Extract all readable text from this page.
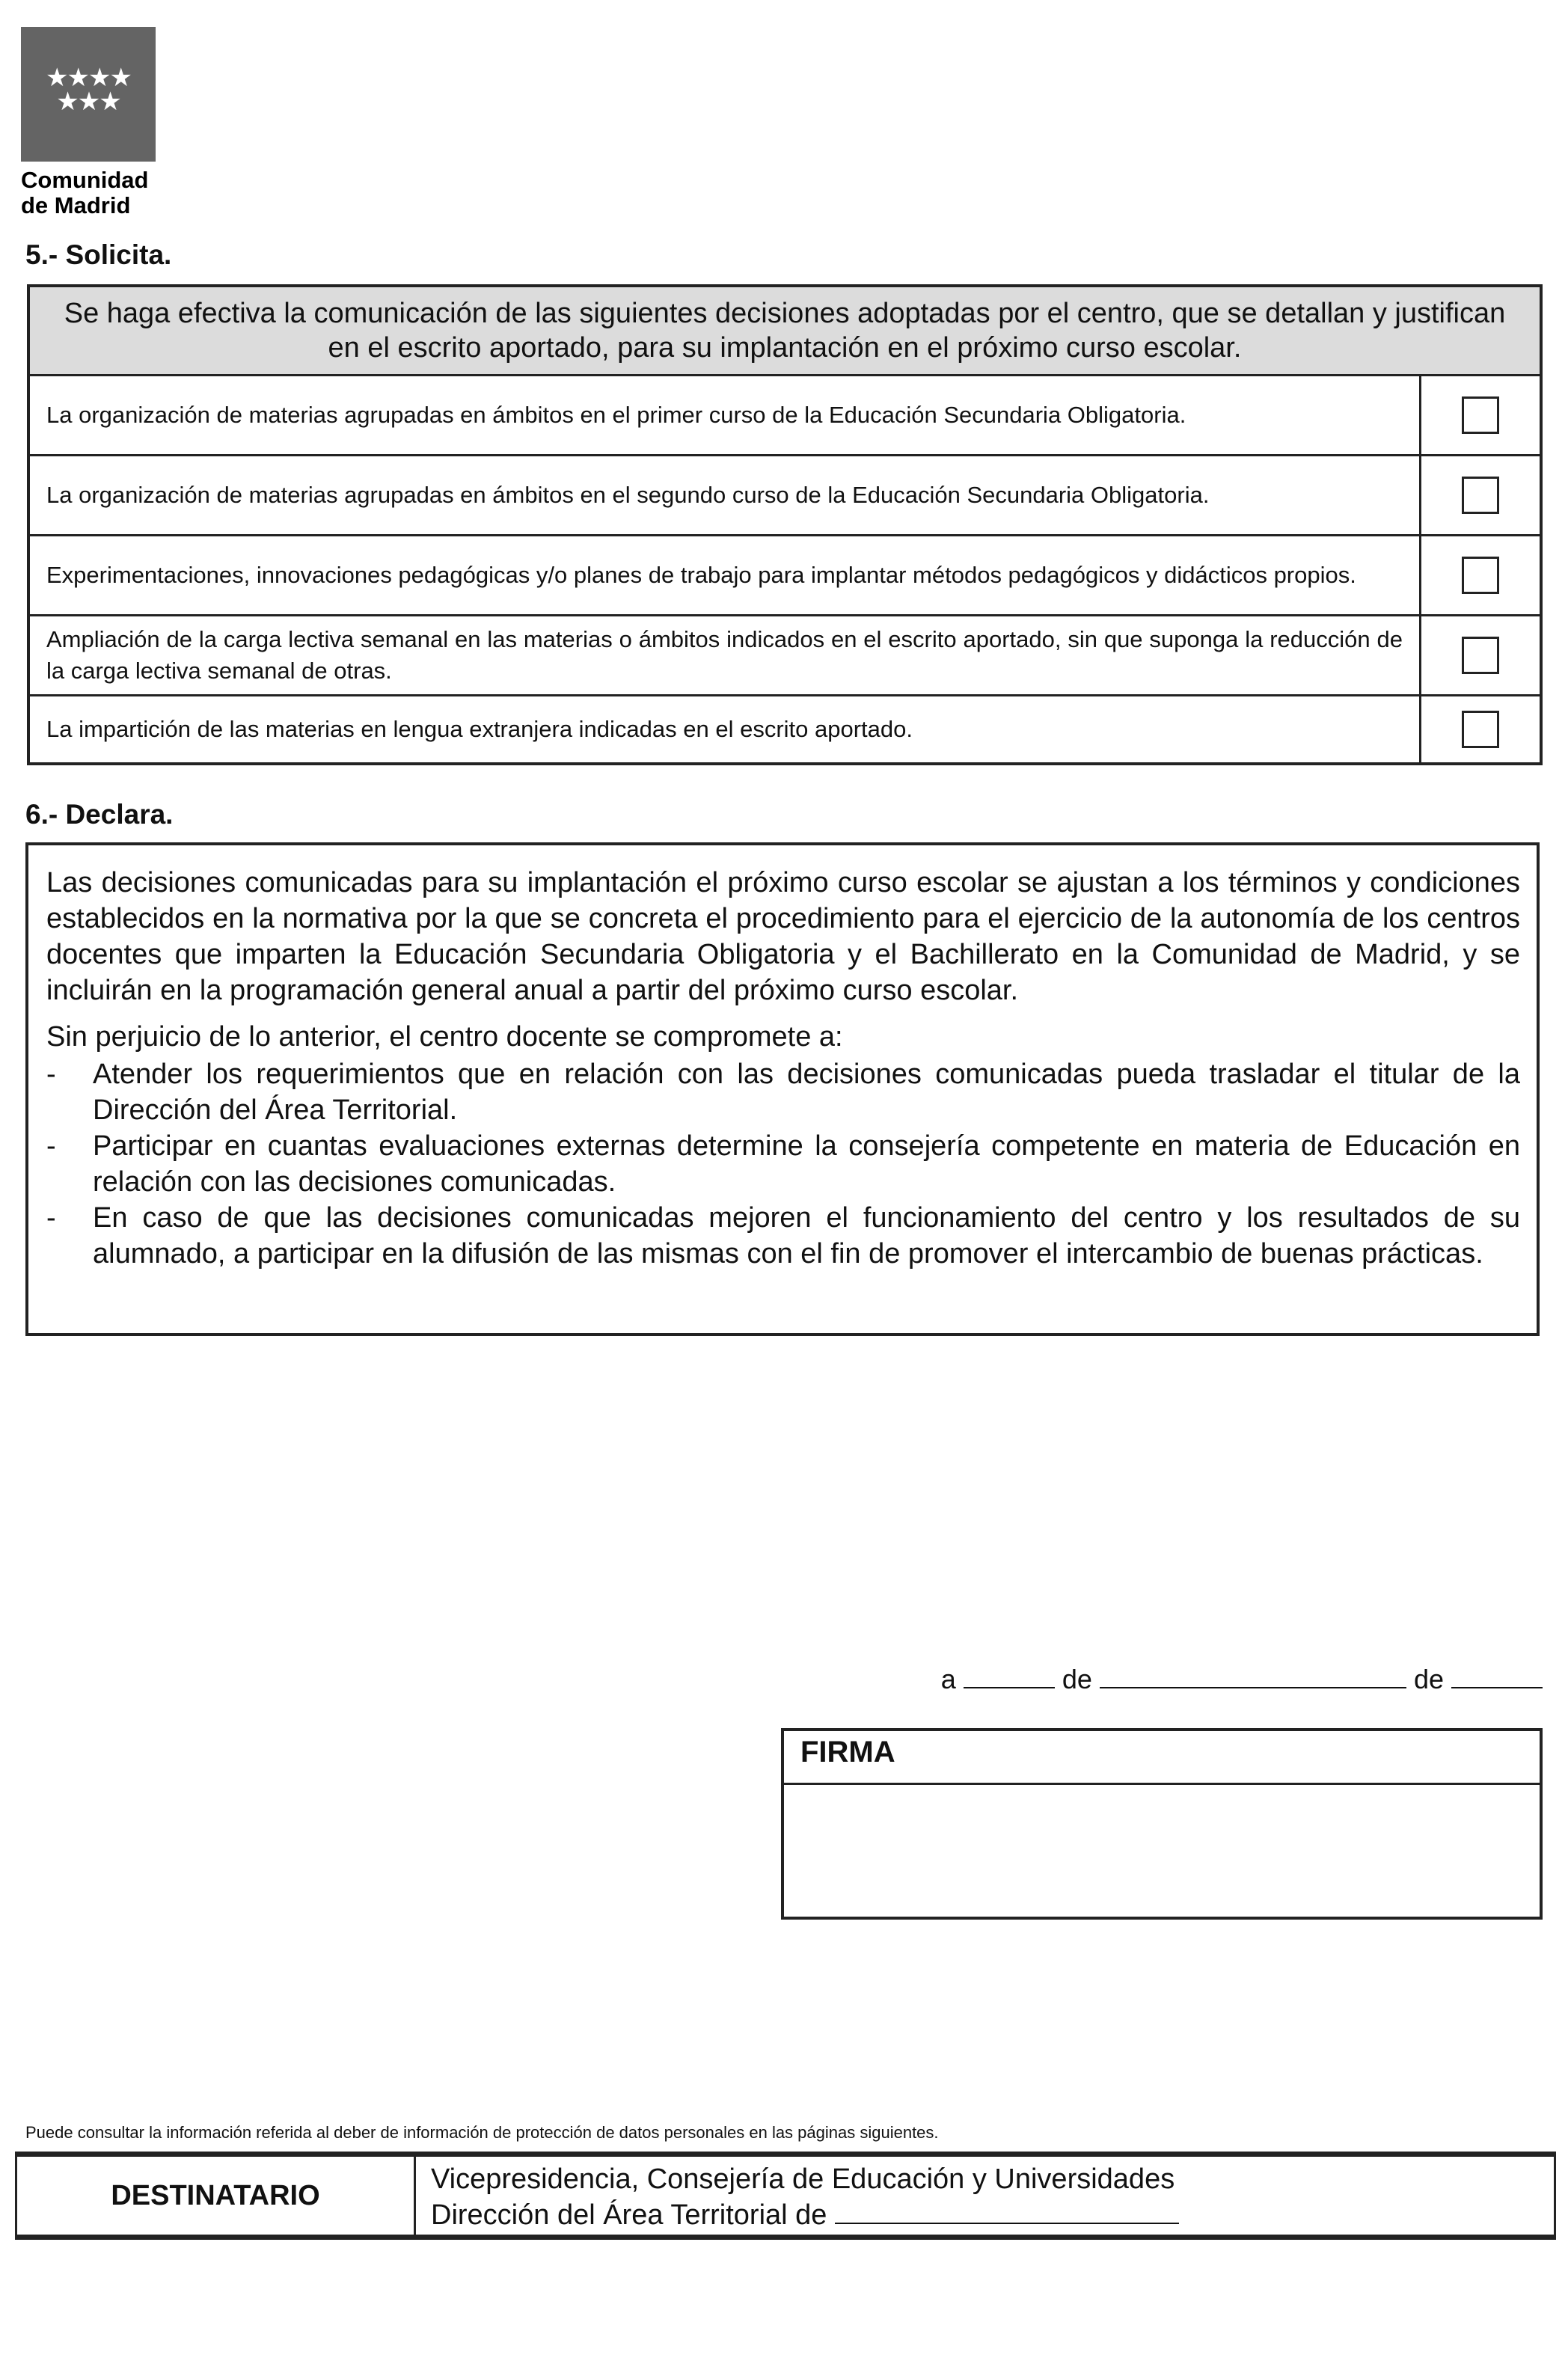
★★★★
★★★
Comunidad
de Madrid
5.- Solicita.
Se haga efectiva la comunicación de las siguientes decisiones adoptadas por el centro, que se detallan y justifican en el escrito aportado, para su implantación en el próximo curso escolar.	
La organización de materias agrupadas en ámbitos en el primer curso de la Educación Secundaria Obligatoria.	
La organización de materias agrupadas en ámbitos en el segundo curso de la Educación Secundaria Obligatoria.	
Experimentaciones, innovaciones pedagógicas y/o planes de trabajo para implantar métodos pedagógicos y didácticos propios.	
Ampliación de la carga lectiva semanal en las materias o ámbitos indicados en el escrito aportado, sin que suponga la reducción de la carga lectiva semanal de otras.	
La impartición de las materias en lengua extranjera indicadas en el escrito aportado.	
6.- Declara.

Las decisiones comunicadas para su implantación el próximo curso escolar se ajustan a los términos y condiciones establecidos en la normativa por la que se concreta el procedimiento para el ejercicio de la autonomía de los centros docentes que imparten la Educación Secundaria Obligatoria y el Bachillerato en la Comunidad de Madrid, y se incluirán en la programación general anual a partir del próximo curso escolar.

Sin perjuicio de lo anterior, el centro docente se compromete a:

-	Atender los requerimientos que en relación con las decisiones comunicadas pueda trasladar el titular de la Dirección del Área Territorial.
-	Participar en cuantas evaluaciones externas determine la consejería competente en materia de Educación en relación con las decisiones comunicadas.
-	En caso de que las decisiones comunicadas mejoren el funcionamiento del centro y los resultados de su alumnado, a participar en la difusión de las mismas con el fin de promover el intercambio de buenas prácticas.
a	de	de
FIRMA
Puede consultar la información referida al deber de información de protección de datos personales en las páginas siguientes.
DESTINATARIO
Vicepresidencia, Consejería de Educación y Universidades
Dirección del Área Territorial de
